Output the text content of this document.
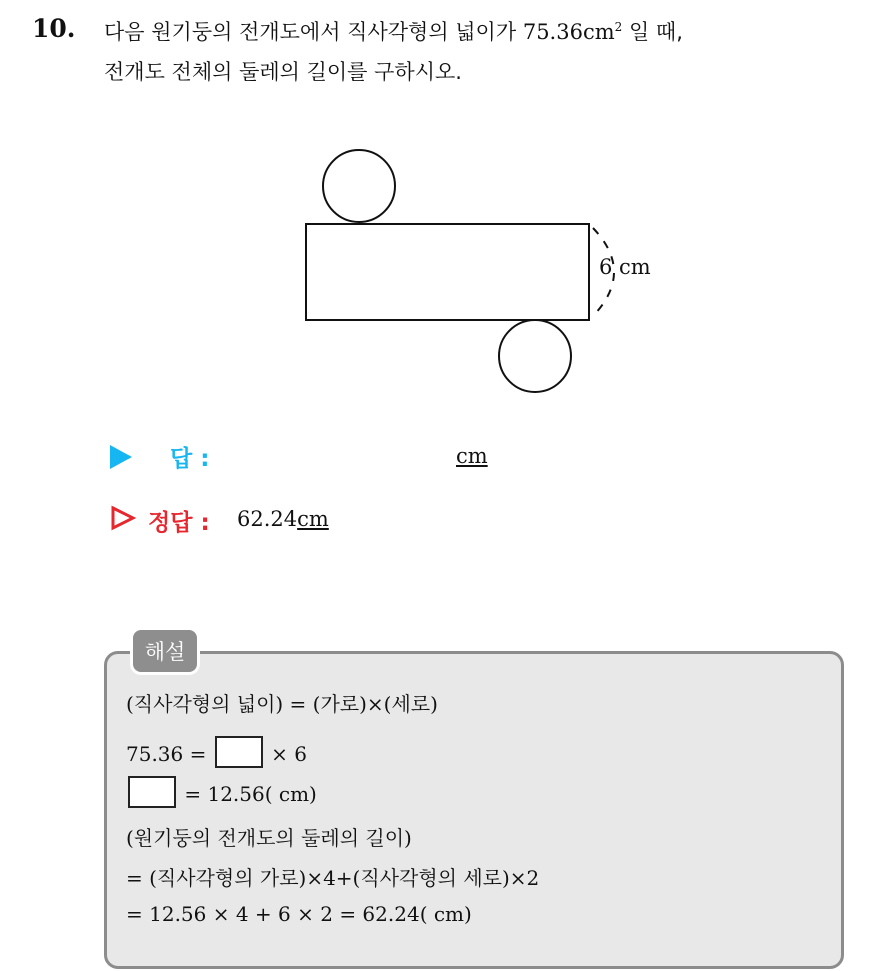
10. 다음 원기둥의 전개도에서 직사각형의 넓이가 $75.36cm^2$ 일 때,
전개도 전체의 둘레의 길이를 구하시오.
6 cm
답 :	cm
정답 : 62.24cm
해설
(직사각형의 넓이) = (가로)×(세로)
75.36 =	× 6
= 12.56( cm)
(원기둥의 전개도의 둘레의 길이)
= (직사각형의 가로)×4+(직사각형의 세로)×2
= 12.56 × 4 + 6 × 2 = 62.24( cm)
